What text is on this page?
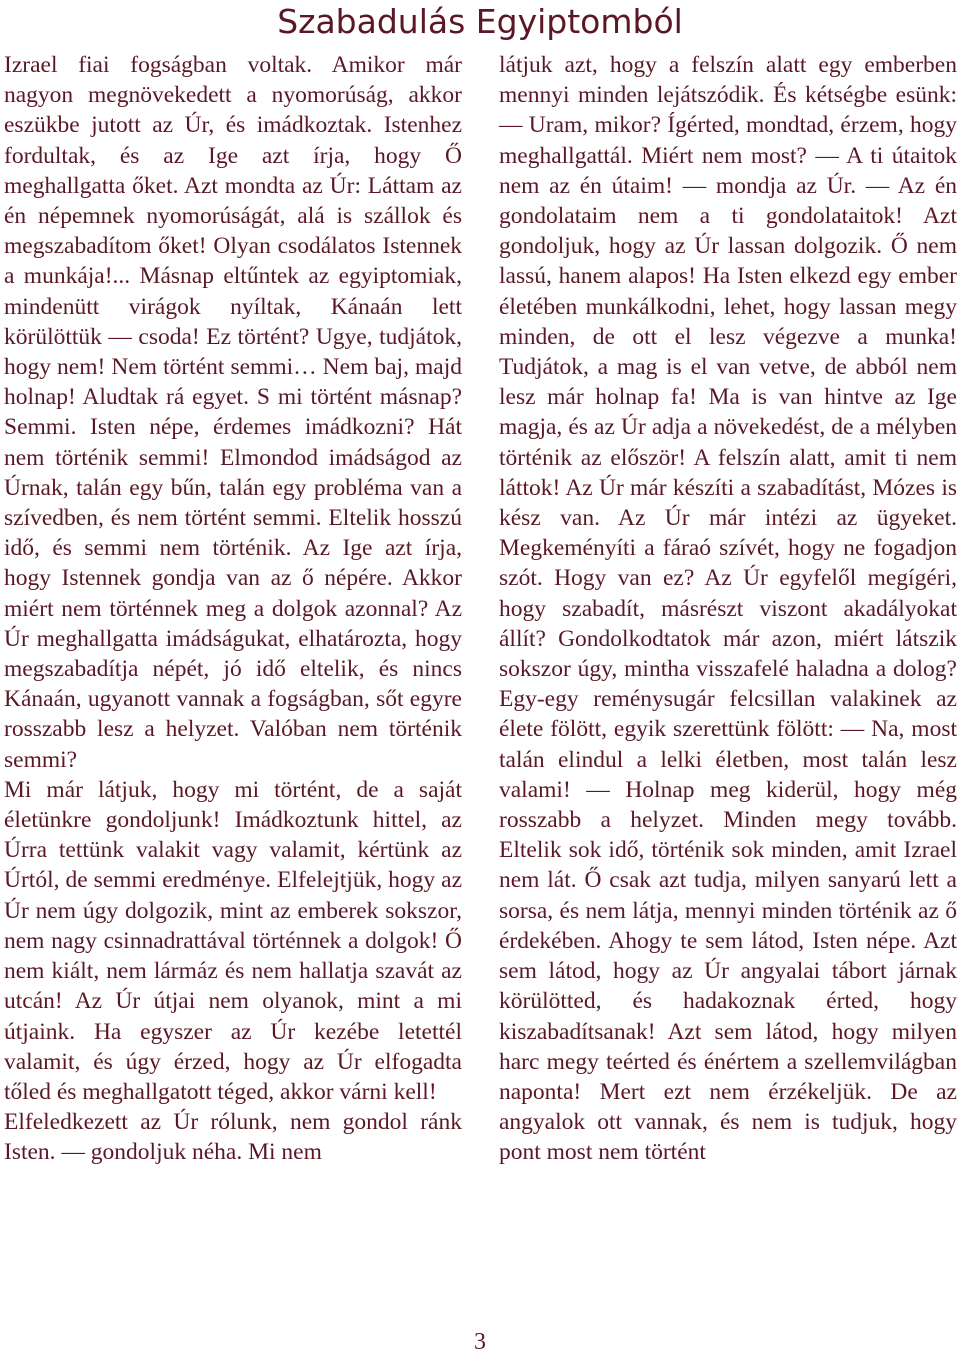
Szabadulás Egyiptomból

Izrael fiai fogságban voltak. Amikor már nagyon megnövekedett a nyomorúság, akkor eszükbe jutott az Úr, és imádkoztak. Istenhez fordultak, és az Ige azt írja, hogy Ő meghallgatta őket. Azt mondta az Úr: Láttam az én népemnek nyomorúságát, alá is szállok és megszabadítom őket! Olyan csodálatos Istennek a munkája!... Másnap eltűntek az egyiptomiak, mindenütt virágok nyíltak, Kánaán lett körülöttük — csoda! Ez történt? Ugye, tudjátok, hogy nem! Nem történt semmi… Nem baj, majd holnap! Aludtak rá egyet. S mi történt másnap? Semmi. Isten népe, érdemes imádkozni? Hát nem történik semmi! Elmondod imádságod az Úrnak, talán egy bűn, talán egy probléma van a szívedben, és nem történt semmi. Eltelik hosszú idő, és semmi nem történik. Az Ige azt írja, hogy Istennek gondja van az ő népére. Akkor miért nem történnek meg a dolgok azonnal? Az Úr meghallgatta imádságukat, elhatározta, hogy megszabadítja népét, jó idő eltelik, és nincs Kánaán, ugyanott vannak a fogságban, sőt egyre rosszabb lesz a helyzet. Valóban nem történik semmi?

Mi már látjuk, hogy mi történt, de a saját életünkre gondoljunk! Imádkoztunk hittel, az Úrra tettünk valakit vagy valamit, kértünk az Úrtól, de semmi eredménye. Elfelejtjük, hogy az Úr nem úgy dolgozik, mint az emberek sokszor, nem nagy csinnadrattával történnek a dolgok! Ő nem kiált, nem lármáz és nem hallatja szavát az utcán! Az Úr útjai nem olyanok, mint a mi útjaink. Ha egyszer az Úr kezébe letettél valamit, és úgy érzed, hogy az Úr elfogadta tőled és meghallgatott téged, akkor várni kell!

Elfeledkezett az Úr rólunk, nem gondol ránk Isten. — gondoljuk néha. Mi nem

látjuk azt, hogy a felszín alatt egy emberben mennyi minden lejátszódik. És kétségbe esünk: — Uram, mikor? Ígérted, mondtad, érzem, hogy meghallgattál. Miért nem most? — A ti útaitok nem az én útaim! — mondja az Úr. — Az én gondolataim nem a ti gondolataitok! Azt gondoljuk, hogy az Úr lassan dolgozik. Ő nem lassú, hanem alapos! Ha Isten elkezd egy ember életében munkálkodni, lehet, hogy lassan megy minden, de ott el lesz végezve a munka! Tudjátok, a mag is el van vetve, de abból nem lesz már holnap fa! Ma is van hintve az Ige magja, és az Úr adja a növekedést, de a mélyben történik az először! A felszín alatt, amit ti nem láttok! Az Úr már készíti a szabadítást, Mózes is kész van. Az Úr már intézi az ügyeket. Megkeményíti a fáraó szívét, hogy ne fogadjon szót. Hogy van ez? Az Úr egyfelől megígéri, hogy szabadít, másrészt viszont akadályokat állít? Gondolkodtatok már azon, miért látszik sokszor úgy, mintha visszafelé haladna a dolog? Egy-egy reménysugár felcsillan valakinek az élete fölött, egyik szerettünk fölött: — Na, most talán elindul a lelki életben, most talán lesz valami! — Holnap meg kiderül, hogy még rosszabb a helyzet. Minden megy tovább. Eltelik sok idő, történik sok minden, amit Izrael nem lát. Ő csak azt tudja, milyen sanyarú lett a sorsa, és nem látja, mennyi minden történik az ő érdekében. Ahogy te sem látod, Isten népe. Azt sem látod, hogy az Úr angyalai tábort járnak körülötted, és hadakoznak érted, hogy kiszabadítsanak! Azt sem látod, hogy milyen harc megy teérted és énértem a szellemvilágban naponta! Mert ezt nem érzékeljük. De az angyalok ott vannak, és nem is tudjuk, hogy pont most nem történt

3
